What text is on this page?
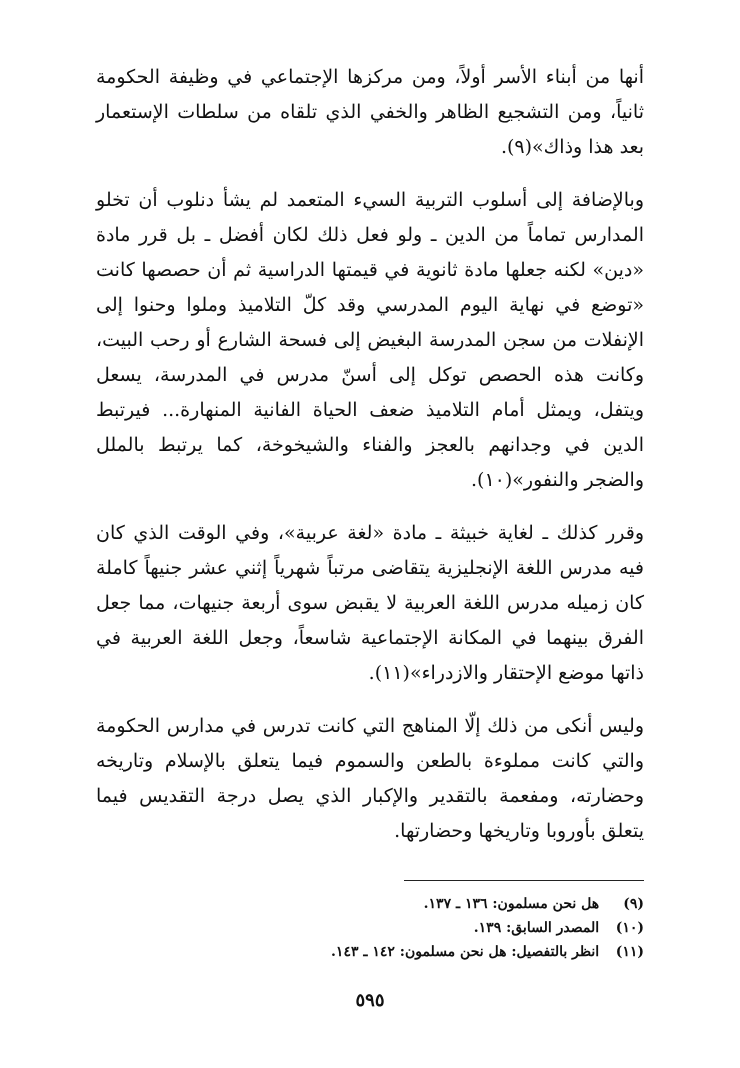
أنها من أبناء الأسر أولاً، ومن مركزها الإجتماعي في وظيفة الحكومة ثانياً، ومن التشجيع الظاهر والخفي الذي تلقاه من سلطات الإستعمار بعد هذا وذاك»(٩).

وبالإضافة إلى أسلوب التربية السيء المتعمد لم يشأ دنلوب أن تخلو المدارس تماماً من الدين ـ ولو فعل ذلك لكان أفضل ـ بل قرر مادة «دين» لكنه جعلها مادة ثانوية في قيمتها الدراسية ثم أن حصصها كانت «توضع في نهاية اليوم المدرسي وقد كلّ التلاميذ وملوا وحنوا إلى الإنفلات من سجن المدرسة البغيض إلى فسحة الشارع أو رحب البيت، وكانت هذه الحصص توكل إلى أسنّ مدرس في المدرسة، يسعل ويتفل، ويمثل أمام التلاميذ ضعف الحياة الفانية المنهارة... فيرتبط الدين في وجدانهم بالعجز والفناء والشيخوخة، كما يرتبط بالملل والضجر والنفور»(١٠).

وقرر كذلك ـ لغاية خبيثة ـ مادة «لغة عربية»، وفي الوقت الذي كان فيه مدرس اللغة الإنجليزية يتقاضى مرتباً شهرياً إثني عشر جنيهاً كاملة كان زميله مدرس اللغة العربية لا يقبض سوى أربعة جنيهات، مما جعل الفرق بينهما في المكانة الإجتماعية شاسعاً، وجعل اللغة العربية في ذاتها موضع الإحتقار والازدراء»(١١).

وليس أنكى من ذلك إلّا المناهج التي كانت تدرس في مدارس الحكومة والتي كانت مملوءة بالطعن والسموم فيما يتعلق بالإسلام وتاريخه وحضارته، ومفعمة بالتقدير والإكبار الذي يصل درجة التقديس فيما يتعلق بأوروبا وتاريخها وحضارتها.

(٩) هل نحن مسلمون: ١٣٦ ـ ١٣٧.
(١٠) المصدر السابق: ١٣٩.
(١١) انظر بالتفصيل: هل نحن مسلمون: ١٤٢ ـ ١٤٣.
٥٩٥
